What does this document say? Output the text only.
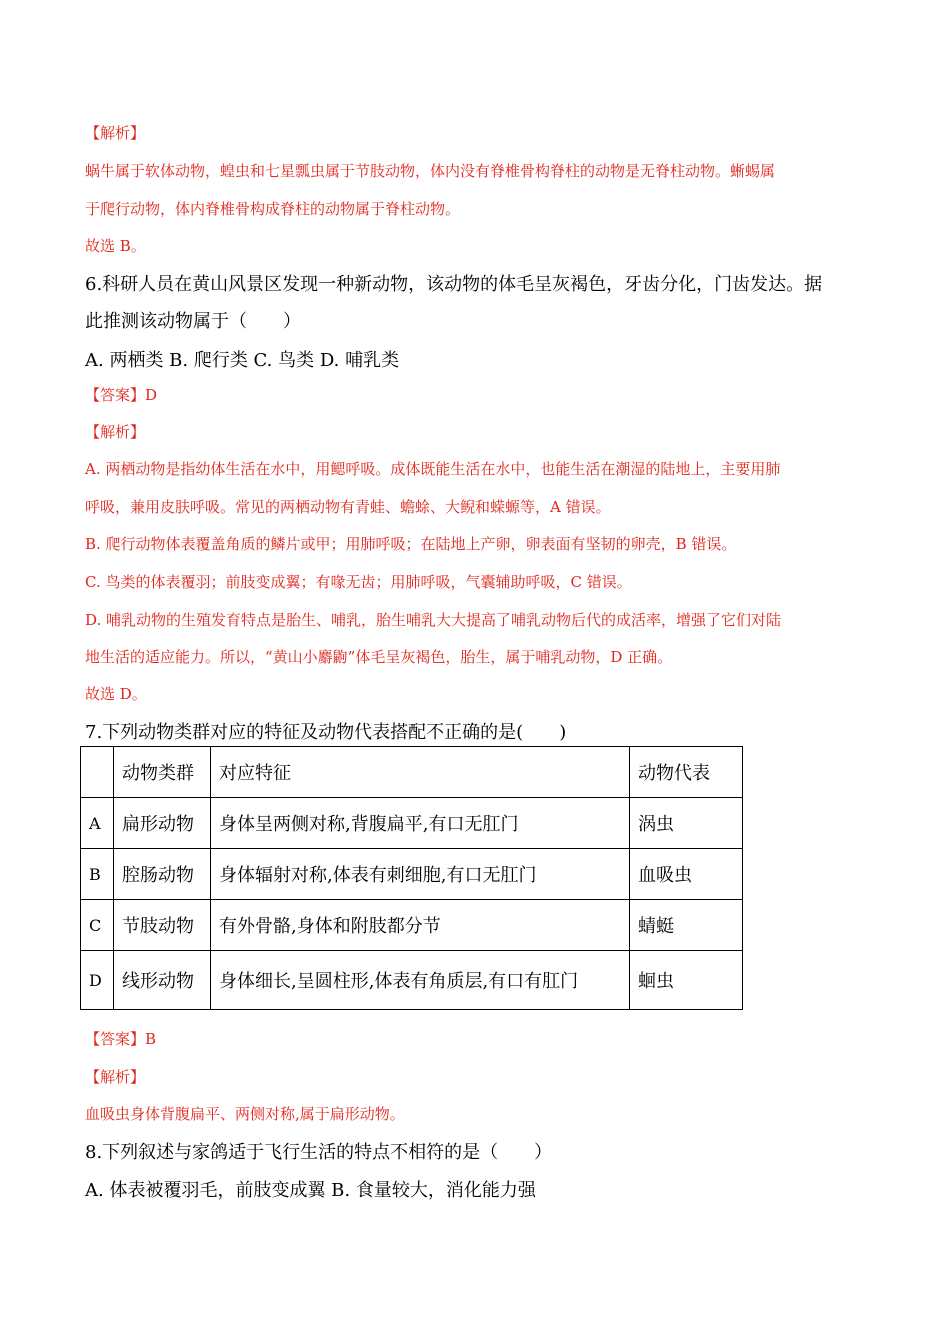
【解析】
蜗牛属于软体动物，蝗虫和七星瓢虫属于节肢动物，体内没有脊椎骨构脊柱的动物是无脊柱动物。蜥蜴属
于爬行动物，体内脊椎骨构成脊柱的动物属于脊柱动物。
故选 B。
6.科研人员在黄山风景区发现一种新动物，该动物的体毛呈灰褐色，牙齿分化，门齿发达。据
此推测该动物属于（　　）
A. 两栖类 B. 爬行类 C. 鸟类 D. 哺乳类
【答案】D
【解析】
A. 两栖动物是指幼体生活在水中，用鳃呼吸。成体既能生活在水中，也能生活在潮湿的陆地上，主要用肺
呼吸，兼用皮肤呼吸。常见的两栖动物有青蛙、蟾蜍、大鲵和蝾螈等，A 错误。
B. 爬行动物体表覆盖角质的鳞片或甲；用肺呼吸；在陆地上产卵，卵表面有坚韧的卵壳，B 错误。
C. 鸟类的体表覆羽；前肢变成翼；有喙无齿；用肺呼吸，气囊辅助呼吸，C 错误。
D. 哺乳动物的生殖发育特点是胎生、哺乳，胎生哺乳大大提高了哺乳动物后代的成活率，增强了它们对陆
地生活的适应能力。所以，“黄山小麝鼩”体毛呈灰褐色，胎生，属于哺乳动物，D 正确。
故选 D。
7.下列动物类群对应的特征及动物代表搭配不正确的是(　　)
	动物类群	对应特征	动物代表
A	扁形动物	身体呈两侧对称,背腹扁平,有口无肛门	涡虫
B	腔肠动物	身体辐射对称,体表有刺细胞,有口无肛门	血吸虫
C	节肢动物	有外骨骼,身体和附肢都分节	蜻蜓
D	线形动物	身体细长,呈圆柱形,体表有角质层,有口有肛门	蛔虫
【答案】B
【解析】
血吸虫身体背腹扁平、两侧对称,属于扁形动物。
8.下列叙述与家鸽适于飞行生活的特点不相符的是（　　）
A. 体表被覆羽毛，前肢变成翼 B. 食量较大，消化能力强
